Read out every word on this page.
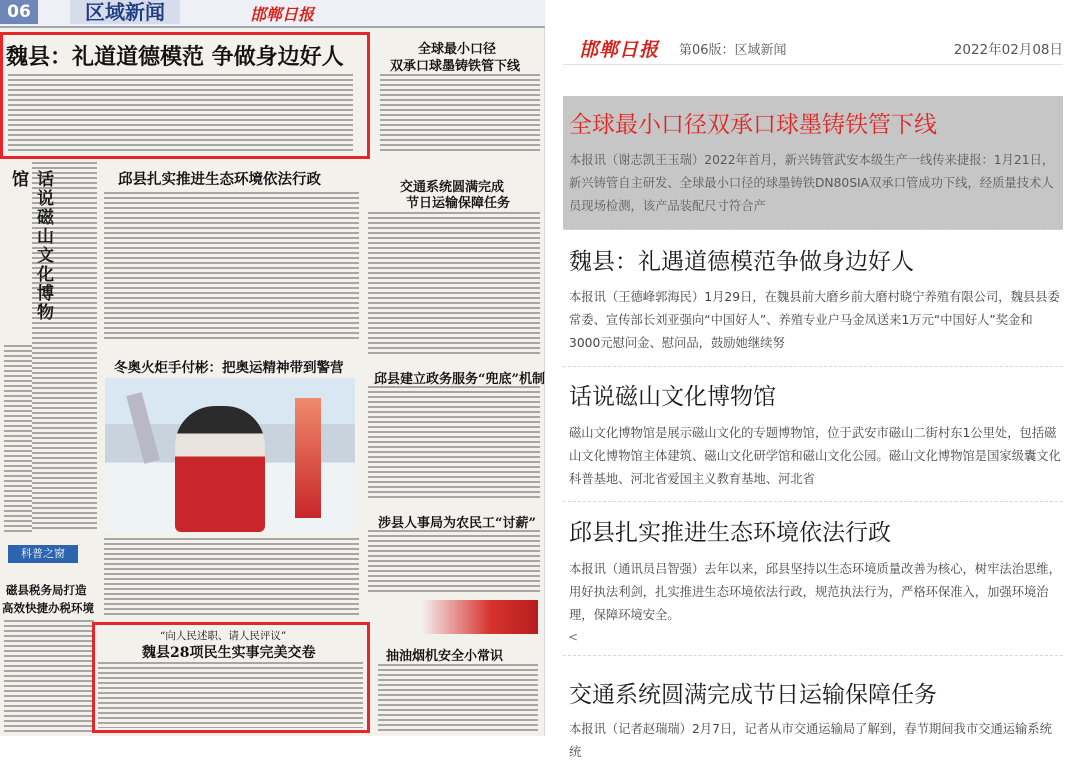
06	区域新闻	邯郸日报
魏县：礼道道德模范 争做身边好人	全球最小口径
双承口球墨铸铁管下线
话说磁山文化博物馆	邱县扎实推进生态环境依法行政	交通系统圆满完成
节日运输保障任务
冬奥火炬手付彬：把奥运精神带到警营
邱县建立政务服务“兜底”机制
涉县人事局为农民工“讨薪”
科普之窗
磁县税务局打造
高效快捷办税环境
“向人民述职、请人民评议”
魏县28项民生实事完美交卷	抽油烟机安全小常识
邯郸日报 第06版：区域新闻	2022年02月08日
全球最小口径双承口球墨铸铁管下线
本报讯（谢志凯王玉瑞）2022年首月，新兴铸管武安本级生产一线传来捷报：1月21日，新兴铸管自主研发、全球最小口径的球墨铸铁DN80SIA双承口管成功下线，经质量技术人员现场检测，该产品装配尺寸符合产
魏县：礼遇道德模范争做身边好人
本报讯（王德峰郭海民）1月29日，在魏县前大磨乡前大磨村晓宁养殖有限公司，魏县县委常委、宣传部长刘亚强向“中国好人”、养殖专业户马金凤送来1万元“中国好人”奖金和3000元慰问金、慰问品，鼓励她继续努
话说磁山文化博物馆
磁山文化博物馆是展示磁山文化的专题博物馆，位于武安市磁山二街村东1公里处，包括磁山文化博物馆主体建筑、磁山文化研学馆和磁山文化公园。磁山文化博物馆是国家级囊文化科普基地、河北省爱国主义教育基地、河北省
邱县扎实推进生态环境依法行政
本报讯（通讯员吕智强）去年以来，邱县坚持以生态环境质量改善为核心，树牢法治思维，用好执法利剑，扎实推进生态环境依法行政，规范执法行为，严格环保准入，加强环境治理，保障环境安全。
<
交通系统圆满完成节日运输保障任务
本报讯（记者赵瑞瑞）2月7日，记者从市交通运输局了解到，春节期间我市交通运输系统统
